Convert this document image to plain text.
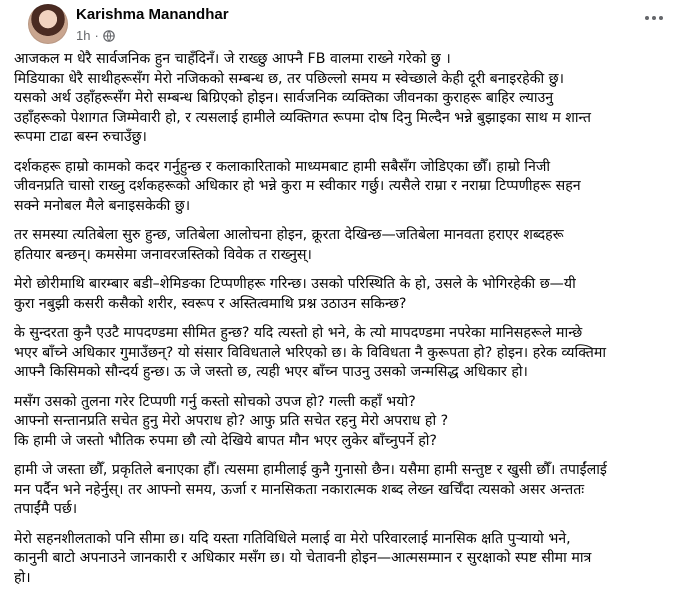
Karishma Manandhar
1h ·
आजकल म धेरै सार्वजनिक हुन चाहँदिनँ। जे राख्छु आफ्नै FB वालमा राख्ने गरेको छु ।
मिडियाका धेरै साथीहरूसँग मेरो नजिकको सम्बन्ध छ, तर पछिल्लो समय म स्वेच्छाले केही दूरी बनाइरहेकी छु।
यसको अर्थ उहाँहरूसँग मेरो सम्बन्ध बिग्रिएको होइन। सार्वजनिक व्यक्तिका जीवनका कुराहरू बाहिर ल्याउनु
उहाँहरूको पेशागत जिम्मेवारी हो, र त्यसलाई हामीले व्यक्तिगत रूपमा दोष दिनु मिल्दैन भन्ने बुझाइका साथ म शान्त
रूपमा टाढा बस्न रुचाउँछु।
दर्शकहरू हाम्रो कामको कदर गर्नुहुन्छ र कलाकारिताको माध्यमबाट हामी सबैसँग जोडिएका छौँ। हाम्रो निजी
जीवनप्रति चासो राख्नु दर्शकहरूको अधिकार हो भन्ने कुरा म स्वीकार गर्छु। त्यसैले राम्रा र नराम्रा टिप्पणीहरू सहन
सक्ने मनोबल मैले बनाइसकेकी छु।
तर समस्या त्यतिबेला सुरु हुन्छ, जतिबेला आलोचना होइन, क्रूरता देखिन्छ—जतिबेला मानवता हराएर शब्दहरू
हतियार बन्छन्। कमसेमा जनावरजस्तिको विवेक त राख्नुस्।
मेरो छोरीमाथि बारम्बार बडी–शेमिङका टिप्पणीहरू गरिन्छ। उसको परिस्थिति के हो, उसले के भोगिरहेकी छ—यी
कुरा नबुझी कसरी कसैको शरीर, स्वरूप र अस्तित्वमाथि प्रश्न उठाउन सकिन्छ?
के सुन्दरता कुनै एउटै मापदण्डमा सीमित हुन्छ? यदि त्यस्तो हो भने, के त्यो मापदण्डमा नपरेका मानिसहरूले मान्छे
भएर बाँच्ने अधिकार गुमाउँछन्? यो संसार विविधताले भरिएको छ। के विविधता नै कुरूपता हो? होइन। हरेक व्यक्तिमा
आफ्नै किसिमको सौन्दर्य हुन्छ। ऊ जे जस्तो छ, त्यही भएर बाँच्न पाउनु उसको जन्मसिद्ध अधिकार हो।
मसँग उसको तुलना गरेर टिप्पणी गर्नु कस्तो सोचको उपज हो? गल्ती कहाँ भयो?
आफ्नो सन्तानप्रति सचेत हुनु मेरो अपराध हो? आफु प्रति सचेत रहनु मेरो अपराध हो ?
कि हामी जे जस्तो भौतिक रुपमा छौ त्यो देखिये बापत मौन भएर लुकेर बाँच्नुपर्ने हो?
हामी जे जस्ता छौँ, प्रकृतिले बनाएका हौँ। त्यसमा हामीलाई कुनै गुनासो छैन। यसैमा हामी सन्तुष्ट र खुसी छौँ। तपाईंलाई
मन पर्दैन भने नहेर्नुस्। तर आफ्नो समय, ऊर्जा र मानसिकता नकारात्मक शब्द लेख्न खर्चिँदा त्यसको असर अन्ततः
तपाईंमै पर्छ।
मेरो सहनशीलताको पनि सीमा छ। यदि यस्ता गतिविधिले मलाई वा मेरो परिवारलाई मानसिक क्षति पुर्‍यायो भने,
कानुनी बाटो अपनाउने जानकारी र अधिकार मसँग छ। यो चेतावनी होइन—आत्मसम्मान र सुरक्षाको स्पष्ट सीमा मात्र
हो।
